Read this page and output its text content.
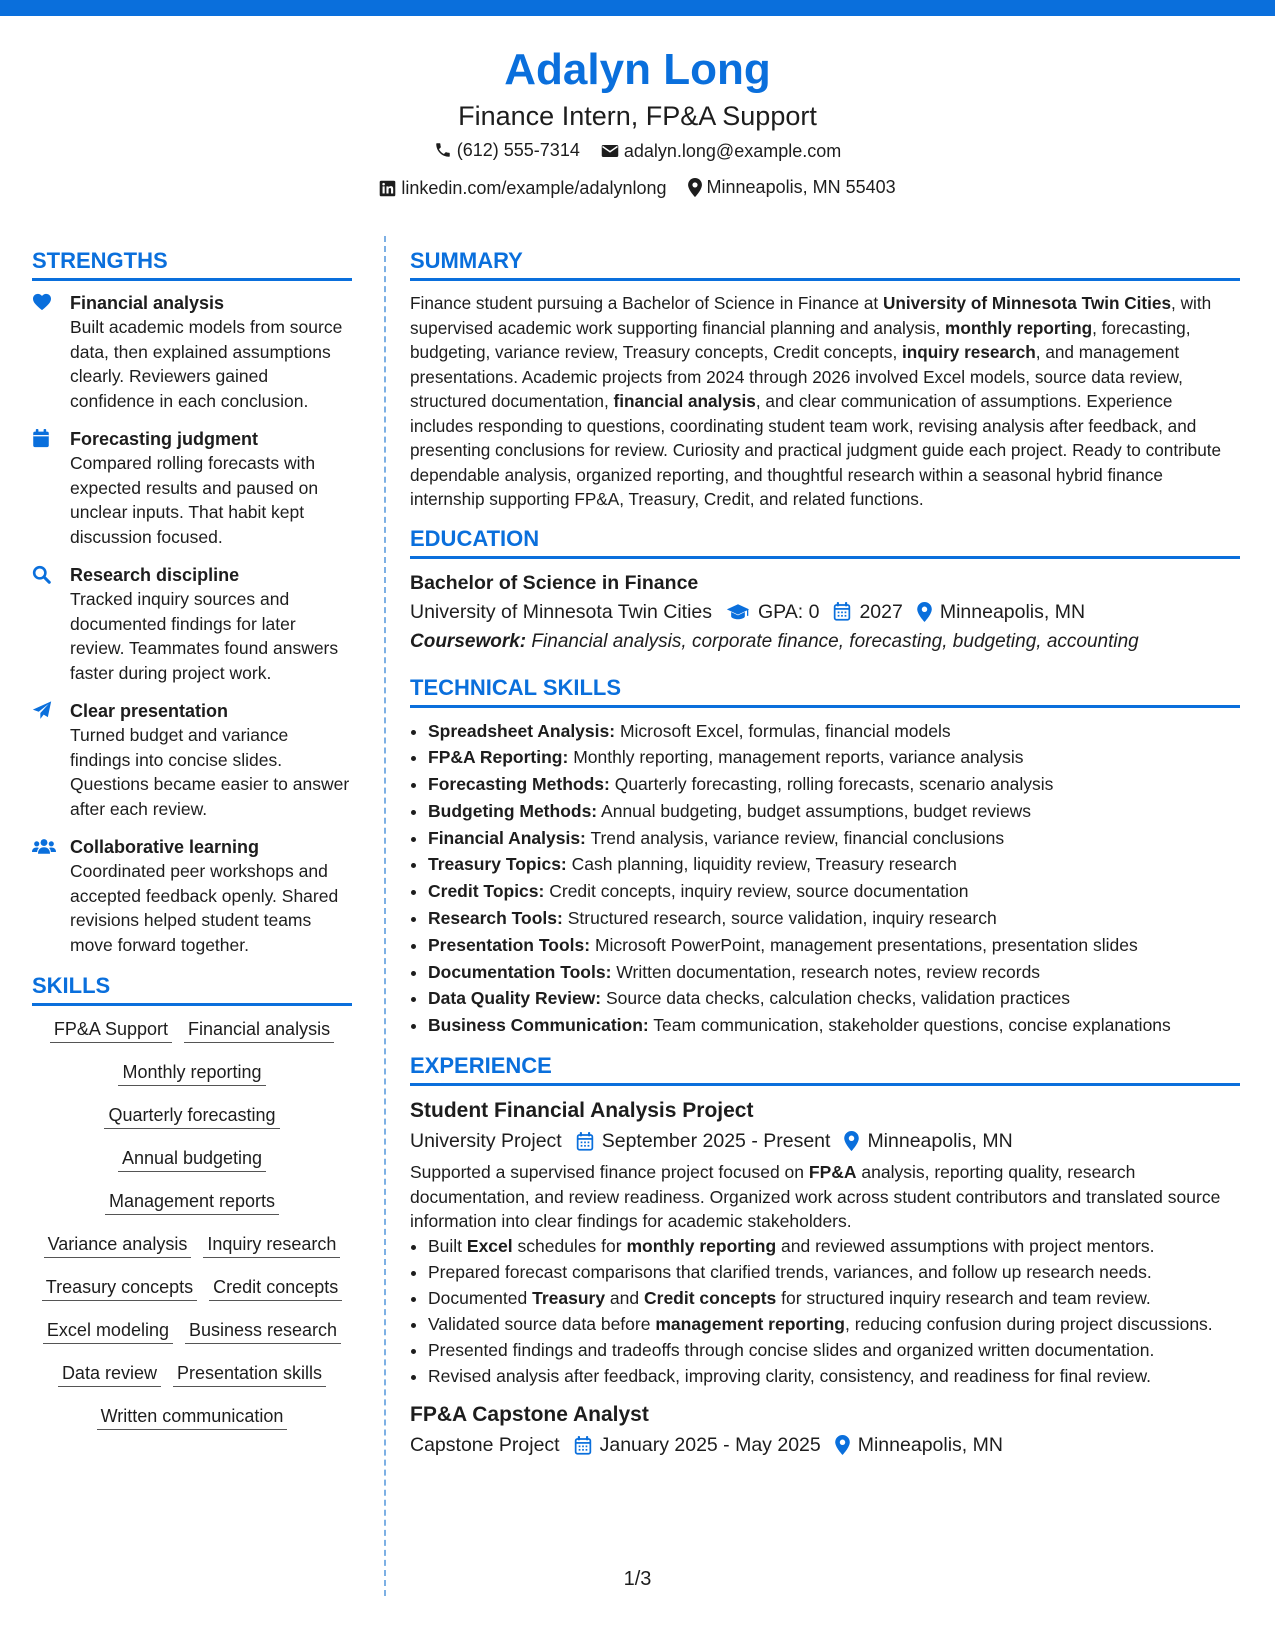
Adalyn Long
Finance Intern, FP&A Support
(612) 555-7314
adalyn.long@example.com
linkedin.com/example/adalynlong
Minneapolis, MN 55403
STRENGTHS
Financial analysis
Built academic models from source data, then explained assumptions clearly. Reviewers gained confidence in each conclusion.
Forecasting judgment
Compared rolling forecasts with expected results and paused on unclear inputs. That habit kept discussion focused.
Research discipline
Tracked inquiry sources and documented findings for later review. Teammates found answers faster during project work.
Clear presentation
Turned budget and variance findings into concise slides. Questions became easier to answer after each review.
Collaborative learning
Coordinated peer workshops and accepted feedback openly. Shared revisions helped student teams move forward together.
SKILLS
FP&A Support Financial analysis
Monthly reporting
Quarterly forecasting
Annual budgeting
Management reports
Variance analysis Inquiry research
Treasury concepts Credit concepts
Excel modeling Business research
Data review Presentation skills
Written communication
SUMMARY
Finance student pursuing a Bachelor of Science in Finance at University of Minnesota Twin Cities, with supervised academic work supporting financial planning and analysis, monthly reporting, forecasting, budgeting, variance review, Treasury concepts, Credit concepts, inquiry research, and management presentations. Academic projects from 2024 through 2026 involved Excel models, source data review, structured documentation, financial analysis, and clear communication of assumptions. Experience includes responding to questions, coordinating student team work, revising analysis after feedback, and presenting conclusions for review. Curiosity and practical judgment guide each project. Ready to contribute dependable analysis, organized reporting, and thoughtful research within a seasonal hybrid finance internship supporting FP&A, Treasury, Credit, and related functions.
EDUCATION
Bachelor of Science in Finance
University of Minnesota Twin Cities GPA: 0 2027 Minneapolis, MN
Coursework: Financial analysis, corporate finance, forecasting, budgeting, accounting
TECHNICAL SKILLS
• Spreadsheet Analysis: Microsoft Excel, formulas, financial models
• FP&A Reporting: Monthly reporting, management reports, variance analysis
• Forecasting Methods: Quarterly forecasting, rolling forecasts, scenario analysis
• Budgeting Methods: Annual budgeting, budget assumptions, budget reviews
• Financial Analysis: Trend analysis, variance review, financial conclusions
• Treasury Topics: Cash planning, liquidity review, Treasury research
• Credit Topics: Credit concepts, inquiry review, source documentation
• Research Tools: Structured research, source validation, inquiry research
• Presentation Tools: Microsoft PowerPoint, management presentations, presentation slides
• Documentation Tools: Written documentation, research notes, review records
• Data Quality Review: Source data checks, calculation checks, validation practices
• Business Communication: Team communication, stakeholder questions, concise explanations
EXPERIENCE
Student Financial Analysis Project
University Project September 2025 - Present Minneapolis, MN
Supported a supervised finance project focused on FP&A analysis, reporting quality, research documentation, and review readiness. Organized work across student contributors and translated source information into clear findings for academic stakeholders.
• Built Excel schedules for monthly reporting and reviewed assumptions with project mentors.
• Prepared forecast comparisons that clarified trends, variances, and follow up research needs.
• Documented Treasury and Credit concepts for structured inquiry research and team review.
• Validated source data before management reporting, reducing confusion during project discussions.
• Presented findings and tradeoffs through concise slides and organized written documentation.
• Revised analysis after feedback, improving clarity, consistency, and readiness for final review.
FP&A Capstone Analyst
Capstone Project January 2025 - May 2025 Minneapolis, MN
1/3
